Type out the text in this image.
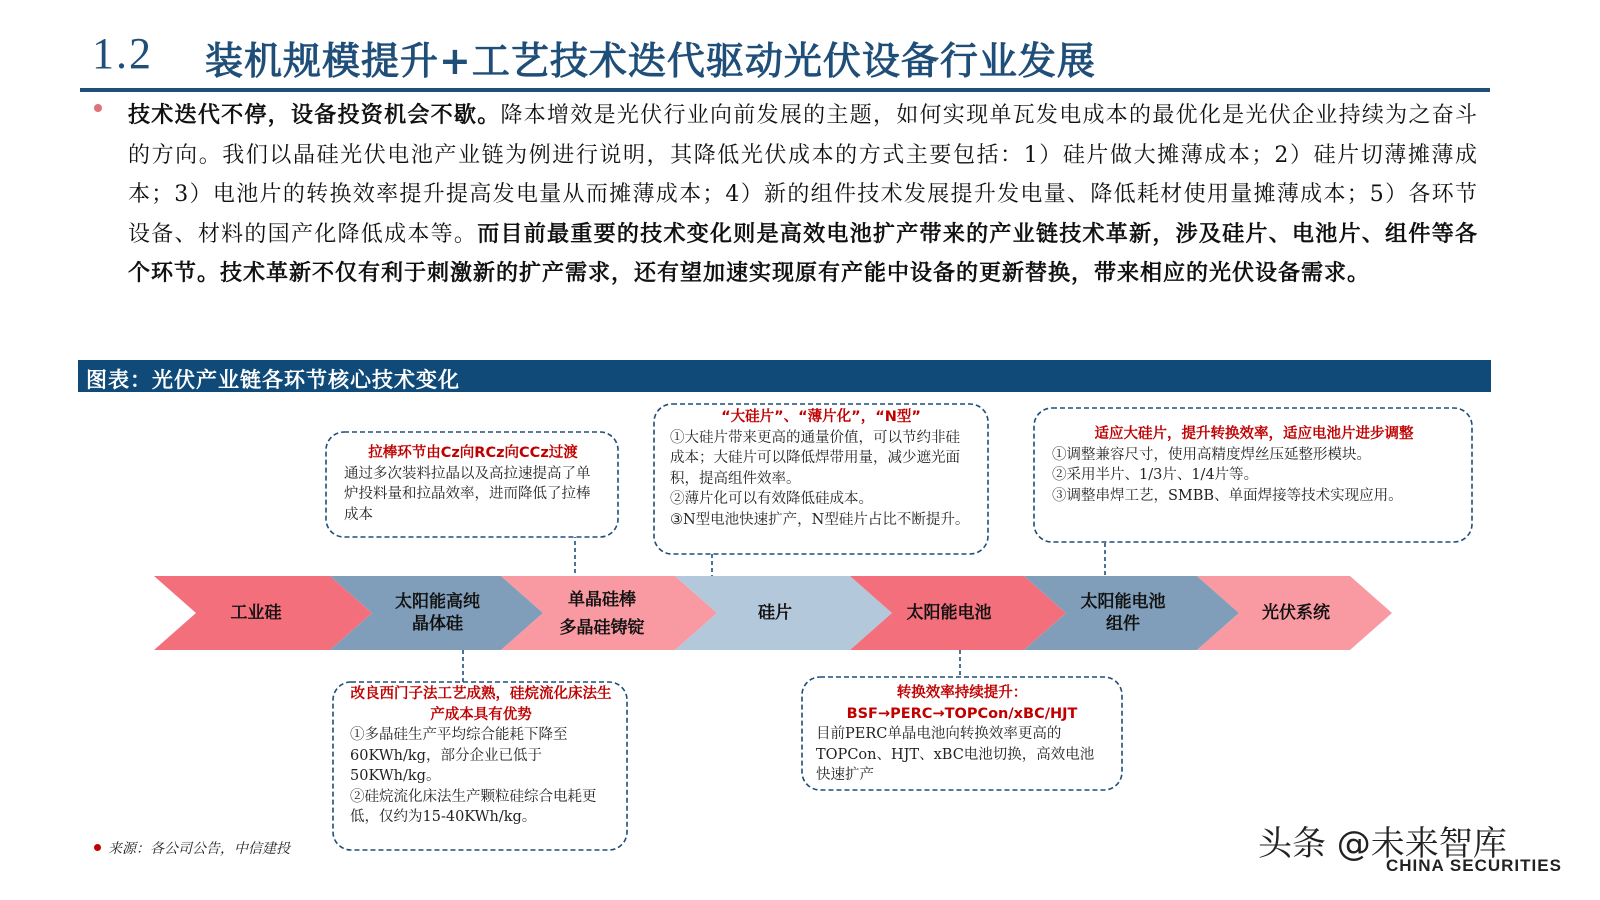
1.2 装机规模提升+工艺技术迭代驱动光伏设备行业发展
技术迭代不停，设备投资机会不歇。降本增效是光伏行业向前发展的主题，如何实现单瓦发电成本的最优化是光伏企业持续为之奋斗的方向。我们以晶硅光伏电池产业链为例进行说明，其降低光伏成本的方式主要包括：1）硅片做大摊薄成本；2）硅片切薄摊薄成本；3）电池片的转换效率提升提高发电量从而摊薄成本；4）新的组件技术发展提升发电量、降低耗材使用量摊薄成本；5）各环节设备、材料的国产化降低成本等。而目前最重要的技术变化则是高效电池扩产带来的产业链技术革新，涉及硅片、电池片、组件等各个环节。技术革新不仅有利于刺激新的扩产需求，还有望加速实现原有产能中设备的更新替换，带来相应的光伏设备需求。
图表：光伏产业链各环节核心技术变化
工业硅
太阳能高纯
晶体硅
单晶硅棒
多晶硅铸锭
硅片	太阳能电池
太阳能电池
组件
光伏系统
拉棒环节由Cz向RCz向CCz过渡
通过多次装料拉晶以及高拉速提高了单炉投料量和拉晶效率，进而降低了拉棒成本
“大硅片”、“薄片化”，“N型”
①大硅片带来更高的通量价值，可以节约非硅成本；大硅片可以降低焊带用量，减少遮光面积，提高组件效率。
②薄片化可以有效降低硅成本。
③N型电池快速扩产，N型硅片占比不断提升。
适应大硅片，提升转换效率，适应电池片进步调整
①调整兼容尺寸，使用高精度焊丝压延整形模块。
②采用半片、1/3片、1/4片等。
③调整串焊工艺，SMBB、单面焊接等技术实现应用。
改良西门子法工艺成熟，硅烷流化床法生产成本具有优势
①多晶硅生产平均综合能耗下降至60KWh/kg，部分企业已低于50KWh/kg。
②硅烷流化床法生产颗粒硅综合电耗更低，仅约为15-40KWh/kg。
转换效率持续提升：
BSF→PERC→TOPCon/xBC/HJT
目前PERC单晶电池向转换效率更高的TOPCon、HJT、xBC电池切换，高效电池快速扩产
来源：各公司公告，中信建投	头条 @未来智库
CHINA SECURITIES
